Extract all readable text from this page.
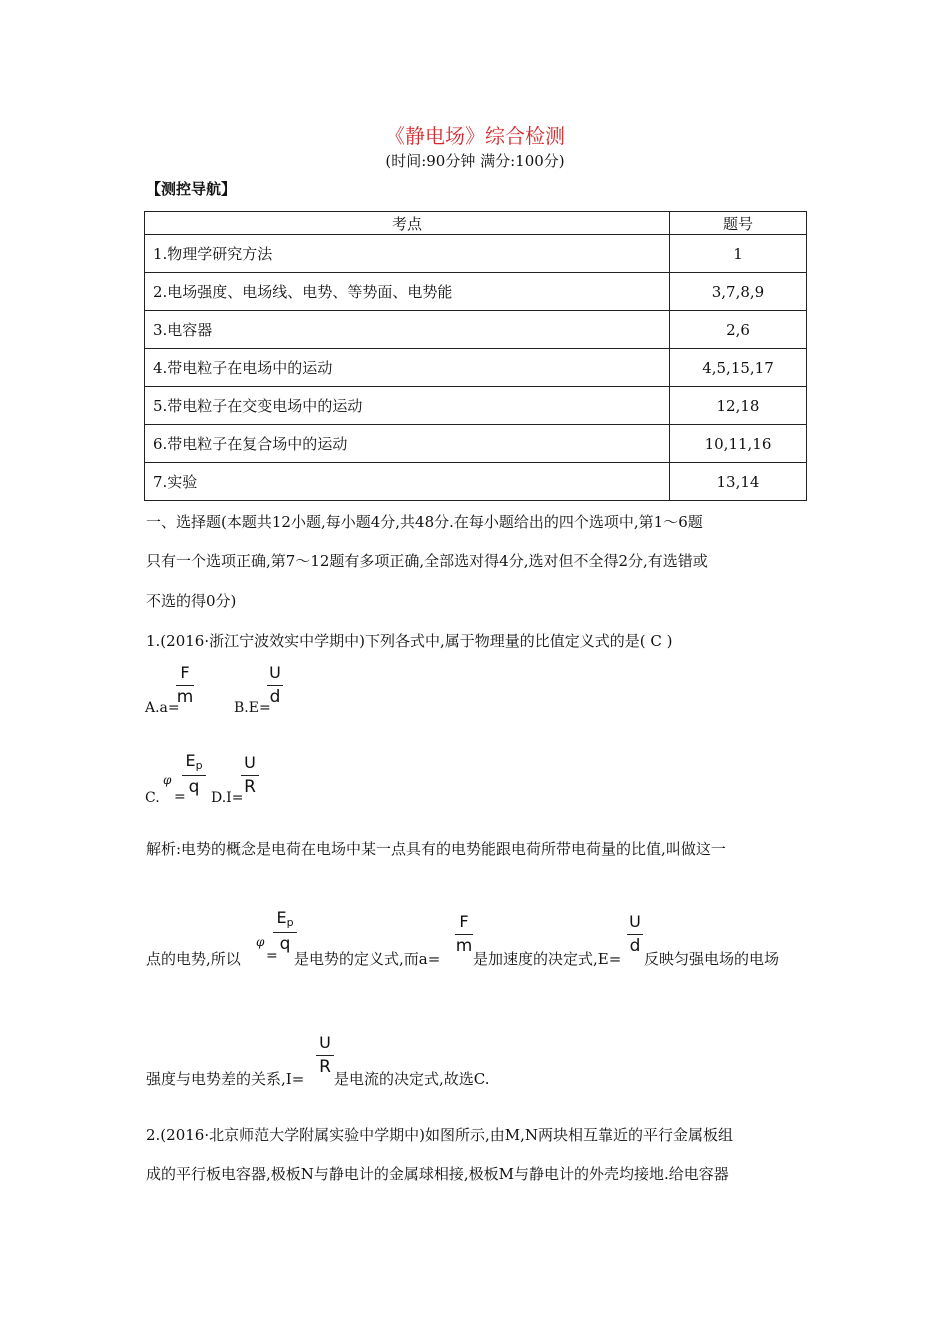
《静电场》综合检测
(时间:90分钟 满分:100分)
【测控导航】
考点	题号
1.物理学研究方法	1
2.电场强度、电场线、电势、等势面、电势能	3,7,8,9
3.电容器	2,6
4.带电粒子在电场中的运动	4,5,15,17
5.带电粒子在交变电场中的运动	12,18
6.带电粒子在复合场中的运动	10,11,16
7.实验	13,14
一、选择题(本题共12小题,每小题4分,共48分.在每小题给出的四个选项中,第1～6题
只有一个选项正确,第7～12题有多项正确,全部选对得4分,选对但不全得2分,有选错或
不选的得0分)
1.(2016·浙江宁波效实中学期中)下列各式中,属于物理量的比值定义式的是( C )
A.a=
$\frac{F}{m}$
B.E=
$\frac{U}{d}$
C.
φ
=
$\frac{E_p}{q}$
D.I=
$\frac{U}{R}$
解析:电势的概念是电荷在电场中某一点具有的电势能跟电荷所带电荷量的比值,叫做这一
点的电势,所以
φ
=
$\frac{E_p}{q}$
是电势的定义式,而a=
$\frac{F}{m}$
是加速度的决定式,E=
$\frac{U}{d}$
反映匀强电场的电场
强度与电势差的关系,I=
$\frac{U}{R}$
是电流的决定式,故选C.
2.(2016·北京师范大学附属实验中学期中)如图所示,由M,N两块相互靠近的平行金属板组
成的平行板电容器,极板N与静电计的金属球相接,极板M与静电计的外壳均接地.给电容器
